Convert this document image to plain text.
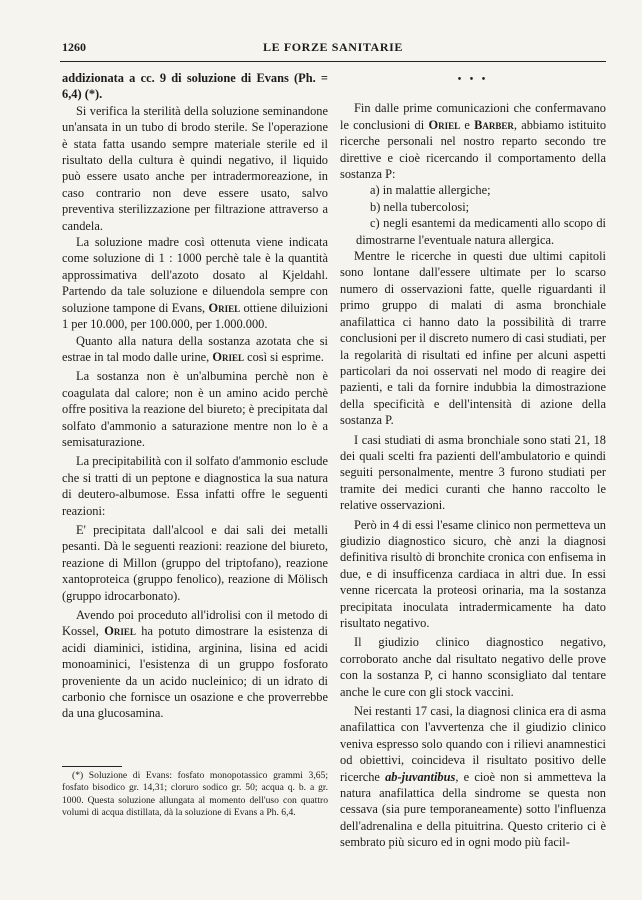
1260	LE FORZE SANITARIE

addizionata a cc. 9 di soluzione di Evans (Ph. = 6,4) (*).

Si verifica la sterilità della soluzione seminandone un'ansata in un tubo di brodo sterile. Se l'operazione è stata fatta usando sempre materiale sterile ed il risultato della cultura è quindi negativo, il liquido può essere usato anche per intradermoreazione, in caso contrario non deve essere usato, salvo preventiva sterilizzazione per filtrazione attraverso a candela.

La soluzione madre così ottenuta viene indicata come soluzione di 1 : 1000 perchè tale è la quantità approssimativa dell'azoto dosato al Kjeldahl. Partendo da tale soluzione e diluendola sempre con soluzione tampone di Evans, Oriel ottiene diluizioni 1 per 10.000, per 100.000, per 1.000.000.

Quanto alla natura della sostanza azotata che si estrae in tal modo dalle urine, Oriel così si esprime.

La sostanza non è un'albumina perchè non è coagulata dal calore; non è un amino acido perchè offre positiva la reazione del biureto; è precipitata dal solfato d'ammonio a saturazione mentre non lo è a semisaturazione.

La precipitabilità con il solfato d'ammonio esclude che si tratti di un peptone e diagnostica la sua natura di deutero-albumose. Essa infatti offre le seguenti reazioni:

E' precipitata dall'alcool e dai sali dei metalli pesanti. Dà le seguenti reazioni: reazione del biureto, reazione di Millon (gruppo del triptofano), reazione xantoproteica (gruppo fenolico), reazione di Mölisch (gruppo idrocarbonato).

Avendo poi proceduto all'idrolisi con il metodo di Kossel, Oriel ha potuto dimostrare la esistenza di acidi diaminici, istidina, arginina, lisina ed acidi monoaminici, l'esistenza di un gruppo fosforato proveniente da un acido nucleinico; di un idrato di carbonio che fornisce un osazione e che proverrebbe da una glucosamina.

(*) Soluzione di Evans: fosfato monopotassico grammi 3,65; fosfato bisodico gr. 14,31; cloruro sodico gr. 50; acqua q. b. a gr. 1000. Questa soluzione allungata al momento dell'uso con quattro volumi di acqua distillata, dà la soluzione di Evans a Ph. 6,4.

• • •

Fin dalle prime comunicazioni che confermavano le conclusioni di Oriel e Barber, abbiamo istituito ricerche personali nel nostro reparto secondo tre direttive e cioè ricercando il comportamento della sostanza P:

a) in malattie allergiche;

b) nella tubercolosi;

c) negli esantemi da medicamenti allo scopo di dimostrarne l'eventuale natura allergica.

Mentre le ricerche in questi due ultimi capitoli sono lontane dall'essere ultimate per lo scarso numero di osservazioni fatte, quelle riguardanti il primo gruppo di malati di asma bronchiale anafilattica ci hanno dato la possibilità di trarre conclusioni per il discreto numero di casi studiati, per la regolarità di risultati ed infine per alcuni aspetti particolari da noi osservati nel modo di reagire dei pazienti, e tali da fornire indubbia la dimostrazione della specificità e dell'intensità di azione della sostanza P.

I casi studiati di asma bronchiale sono stati 21, 18 dei quali scelti fra pazienti dell'ambulatorio e quindi seguiti personalmente, mentre 3 furono studiati per tramite dei medici curanti che hanno raccolto le relative osservazioni.

Però in 4 di essi l'esame clinico non permetteva un giudizio diagnostico sicuro, chè anzi la diagnosi definitiva risultò di bronchite cronica con enfisema in due, e di insufficenza cardiaca in altri due. In essi venne ricercata la proteosi orinaria, ma la sostanza precipitata inoculata intradermicamente ha dato risultato negativo.

Il giudizio clinico diagnostico negativo, corroborato anche dal risultato negativo delle prove con la sostanza P, ci hanno sconsigliato dal tentare anche le cure con gli stock vaccini.

Nei restanti 17 casi, la diagnosi clinica era di asma anafilattica con l'avvertenza che il giudizio clinico veniva espresso solo quando con i rilievi anamnestici od obiettivi, coincideva il risultato positivo delle ricerche ab-juvantibus, e cioè non si ammetteva la natura anafilattica della sindrome se questa non cessava (sia pure temporaneamente) sotto l'influenza dell'adrenalina e della pituitrina. Questo criterio ci è sembrato più sicuro ed in ogni modo più facil-
